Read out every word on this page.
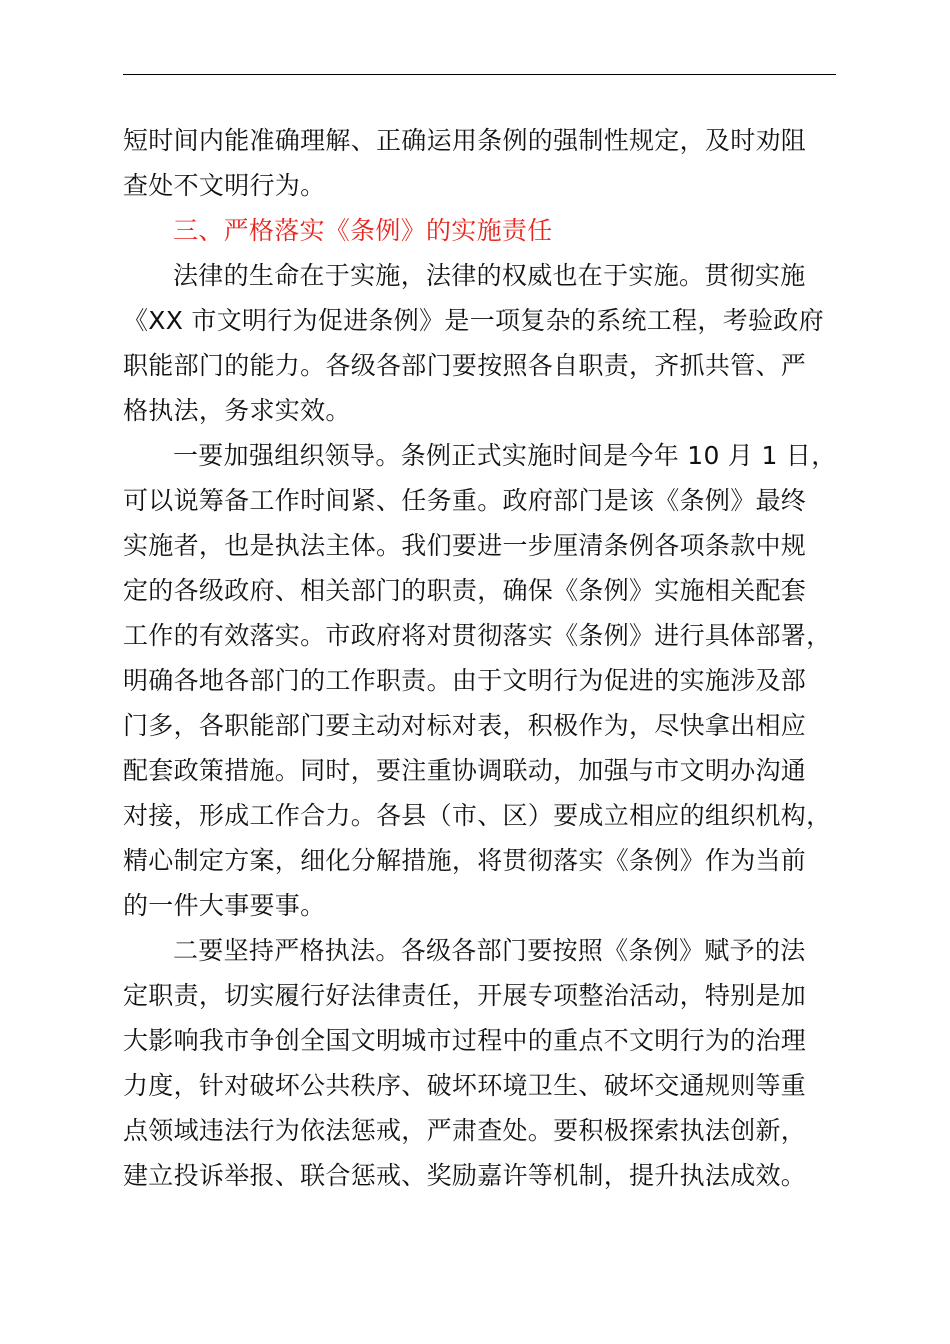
短时间内能准确理解、正确运用条例的强制性规定，及时劝阻
查处不文明行为。
三、严格落实《条例》的实施责任
法律的生命在于实施，法律的权威也在于实施。贯彻实施
《XX 市文明行为促进条例》是一项复杂的系统工程，考验政府
职能部门的能力。各级各部门要按照各自职责，齐抓共管、严
格执法，务求实效。
一要加强组织领导。条例正式实施时间是今年 10 月 1 日，
可以说筹备工作时间紧、任务重。政府部门是该《条例》最终
实施者，也是执法主体。我们要进一步厘清条例各项条款中规
定的各级政府、相关部门的职责，确保《条例》实施相关配套
工作的有效落实。市政府将对贯彻落实《条例》进行具体部署，
明确各地各部门的工作职责。由于文明行为促进的实施涉及部
门多，各职能部门要主动对标对表，积极作为，尽快拿出相应
配套政策措施。同时，要注重协调联动，加强与市文明办沟通
对接，形成工作合力。各县（市、区）要成立相应的组织机构，
精心制定方案，细化分解措施，将贯彻落实《条例》作为当前
的一件大事要事。
二要坚持严格执法。各级各部门要按照《条例》赋予的法
定职责，切实履行好法律责任，开展专项整治活动，特别是加
大影响我市争创全国文明城市过程中的重点不文明行为的治理
力度，针对破坏公共秩序、破坏环境卫生、破坏交通规则等重
点领域违法行为依法惩戒，严肃查处。要积极探索执法创新，
建立投诉举报、联合惩戒、奖励嘉许等机制，提升执法成效。
